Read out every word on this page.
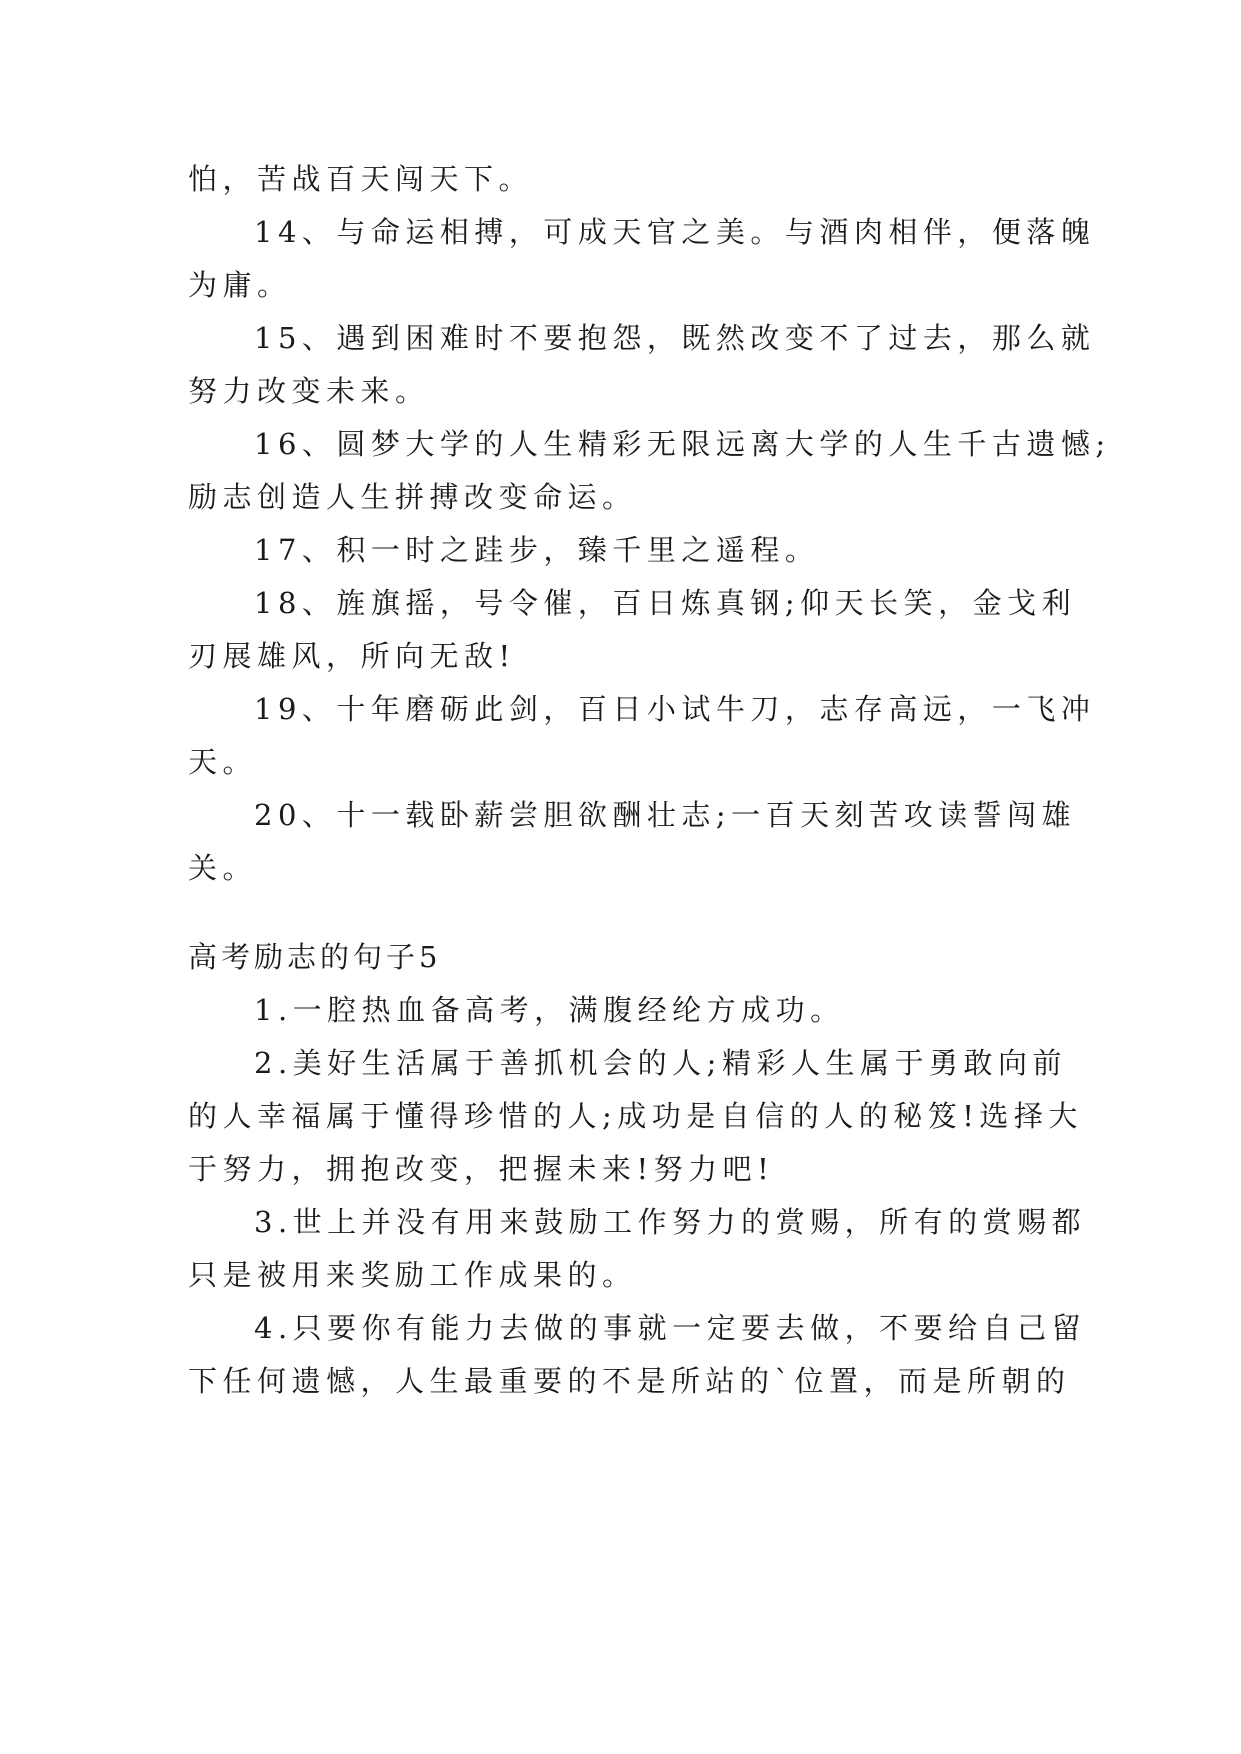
怕，苦战百天闯天下。
14、与命运相搏，可成天官之美。与酒肉相伴，便落魄
为庸。
15、遇到困难时不要抱怨，既然改变不了过去，那么就
努力改变未来。
16、圆梦大学的人生精彩无限远离大学的人生千古遗憾;
励志创造人生拼搏改变命运。
17、积一时之跬步，臻千里之遥程。
18、旌旗摇，号令催，百日炼真钢;仰天长笑，金戈利
刃展雄风，所向无敌!
19、十年磨砺此剑，百日小试牛刀，志存高远，一飞冲
天。
20、十一载卧薪尝胆欲酬壮志;一百天刻苦攻读誓闯雄
关。
高考励志的句子5
1.一腔热血备高考，满腹经纶方成功。
2.美好生活属于善抓机会的人;精彩人生属于勇敢向前
的人幸福属于懂得珍惜的人;成功是自信的人的秘笈!选择大
于努力，拥抱改变，把握未来!努力吧!
3.世上并没有用来鼓励工作努力的赏赐，所有的赏赐都
只是被用来奖励工作成果的。
4.只要你有能力去做的事就一定要去做，不要给自己留
下任何遗憾，人生最重要的不是所站的`位置，而是所朝的
